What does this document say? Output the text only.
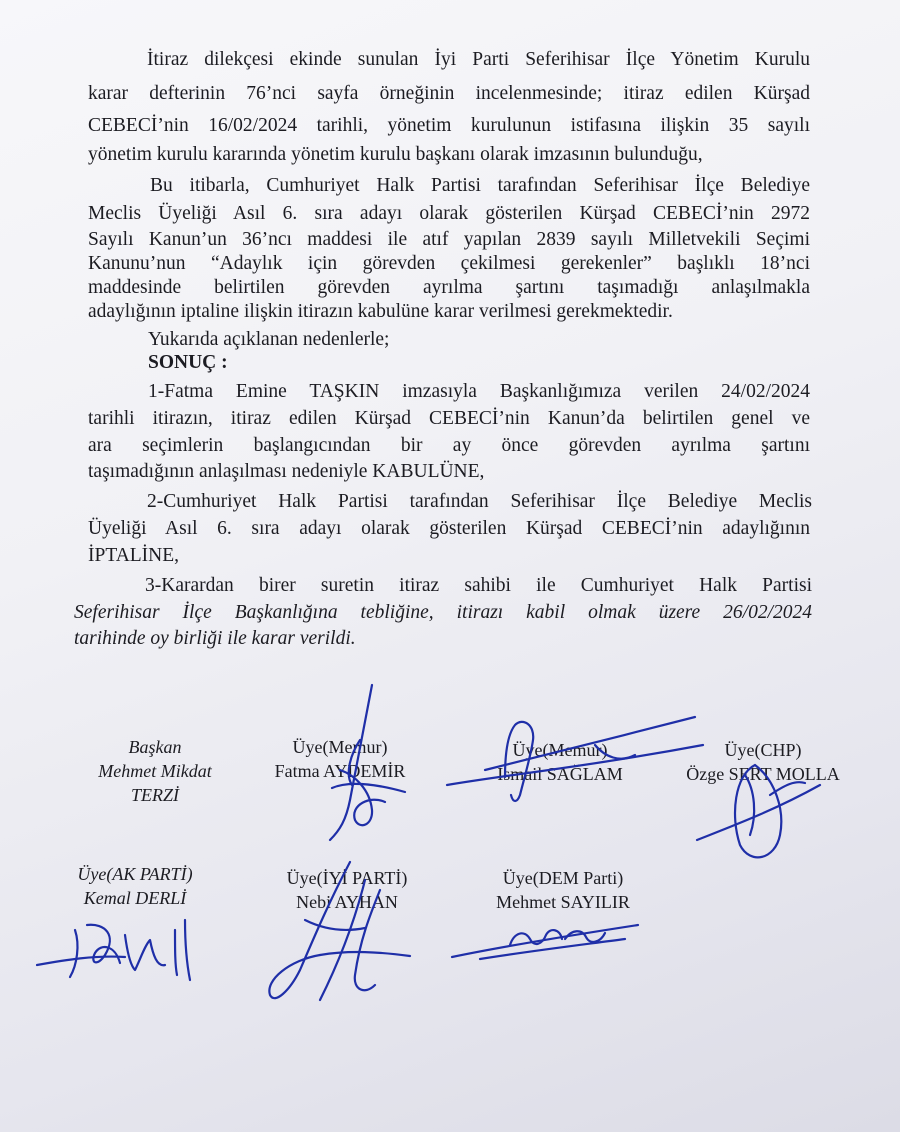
İtiraz dilekçesi ekinde sunulan İyi Parti Seferihisar İlçe Yönetim Kurulu
karar defterinin 76’nci sayfa örneğinin incelenmesinde; itiraz edilen Kürşad
CEBECİ’nin 16/02/2024 tarihli, yönetim kurulunun istifasına ilişkin 35 sayılı
yönetim kurulu kararında yönetim kurulu başkanı olarak imzasının bulunduğu,
Bu itibarla, Cumhuriyet Halk Partisi tarafından Seferihisar İlçe Belediye
Meclis Üyeliği Asıl 6. sıra adayı olarak gösterilen Kürşad CEBECİ’nin 2972
Sayılı Kanun’un 36’ncı maddesi ile atıf yapılan 2839 sayılı Milletvekili Seçimi
Kanunu’nun “Adaylık için görevden çekilmesi gerekenler” başlıklı 18’nci
maddesinde belirtilen görevden ayrılma şartını taşımadığı anlaşılmakla
adaylığının iptaline ilişkin itirazın kabulüne karar verilmesi gerekmektedir.
Yukarıda açıklanan nedenlerle;
SONUÇ :
1-Fatma Emine TAŞKIN imzasıyla Başkanlığımıza verilen 24/02/2024
tarihli itirazın, itiraz edilen Kürşad CEBECİ’nin Kanun’da belirtilen genel ve
ara seçimlerin başlangıcından bir ay önce görevden ayrılma şartını
taşımadığının anlaşılması nedeniyle KABULÜNE,
2-Cumhuriyet Halk Partisi tarafından Seferihisar İlçe Belediye Meclis
Üyeliği Asıl 6. sıra adayı olarak gösterilen Kürşad CEBECİ’nin adaylığının
İPTALİNE,
3-Karardan birer suretin itiraz sahibi ile Cumhuriyet Halk Partisi
Seferihisar İlçe Başkanlığına tebliğine, itirazı kabil olmak üzere 26/02/2024
tarihinde oy birliği ile karar verildi.
Başkan
Mehmet Mikdat
TERZİ
Üye(Memur)
Fatma AYDEMİR
Üye(Memur)
İsmail SAĞLAM
Üye(CHP)
Özge SERT MOLLA
Üye(AK PARTİ)
Kemal DERLİ
Üye(İYİ PARTİ)
Nebi AYHAN
Üye(DEM Parti)
Mehmet SAYILIR
